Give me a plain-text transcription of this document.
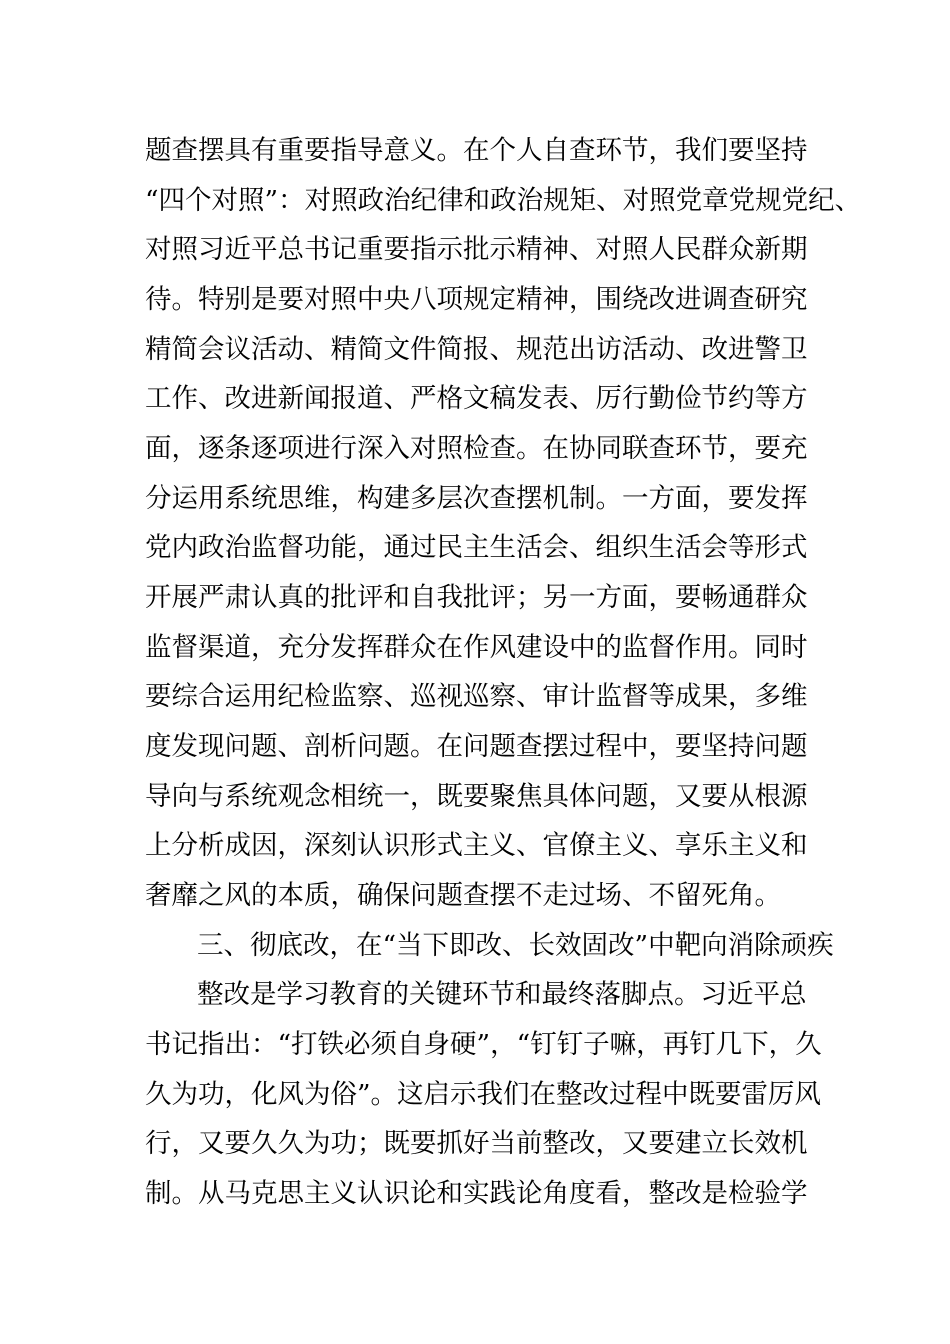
题查摆具有重要指导意义。在个人自查环节，我们要坚持
“四个对照”：对照政治纪律和政治规矩、对照党章党规党纪、
对照习近平总书记重要指示批示精神、对照人民群众新期
待。特别是要对照中央八项规定精神，围绕改进调查研究
精简会议活动、精简文件简报、规范出访活动、改进警卫
工作、改进新闻报道、严格文稿发表、厉行勤俭节约等方
面，逐条逐项进行深入对照检查。在协同联查环节，要充
分运用系统思维，构建多层次查摆机制。一方面，要发挥
党内政治监督功能，通过民主生活会、组织生活会等形式
开展严肃认真的批评和自我批评；另一方面，要畅通群众
监督渠道，充分发挥群众在作风建设中的监督作用。同时
要综合运用纪检监察、巡视巡察、审计监督等成果，多维
度发现问题、剖析问题。在问题查摆过程中，要坚持问题
导向与系统观念相统一，既要聚焦具体问题，又要从根源
上分析成因，深刻认识形式主义、官僚主义、享乐主义和
奢靡之风的本质，确保问题查摆不走过场、不留死角。
三、彻底改，在“当下即改、长效固改”中靶向消除顽疾
整改是学习教育的关键环节和最终落脚点。习近平总
书记指出：“打铁必须自身硬”，“钉钉子嘛，再钉几下，久
久为功，化风为俗”。这启示我们在整改过程中既要雷厉风
行，又要久久为功；既要抓好当前整改，又要建立长效机
制。从马克思主义认识论和实践论角度看，整改是检验学
